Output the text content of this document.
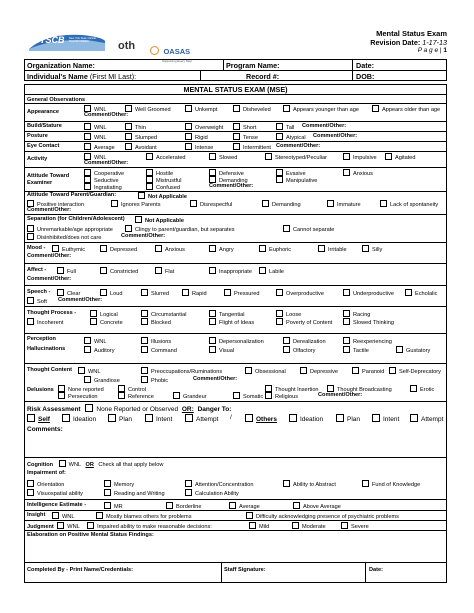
NYSCB New York State Clinical Records Initiative	oth	OASAS
Supporting Every Step
Mental Status Exam
Revision Date: 1-17-13
P a g e | 1
Organization Name:	Program Name:	Date:
Individual's Name (First MI Last):	Record #:	DOB:
MENTAL STATUS EXAM (MSE)
General Observations
Appearance	WNL	Well Groomed	Unkempt	Disheveled	Appears younger than age	Appears older than age
Comment/Other:
Build/Stature	WNL	Thin	Overweight	Short	Tall Comment/Other:
Posture	WNL	Slumped	Rigid	Tense	Atypical Comment/Other:
Eye Contact	Average	Avoidant	Intense	Intermittent Comment/Other:
Activity	WNL	Accelerated	Slowed	Stereotyped/Peculiar	Impulsive	Agitated
Comment/Other:
Attitude Toward
Examiner
Cooperative	Hostile	Defensive	Evasive	Anxious
Seductive	Mistrustful	Demanding	Manipulative
Ingratiating	Confused	Comment/Other:
Attitude Toward Parent/Guardian:	Not Applicable
Positive interaction	Ignores Parents	Disrespectful	Demanding	Immature	Lack of spontaneity
Comment/Other:
Separation (for Children/Adolescent)	Not Applicable
Unremarkable/age appropriate	Clingy to parent/guardian, but separates	Cannot separate
Disinhibited/does not care	Comment/Other:
Mood -	Euthymic	Depressed	Anxious	Angry	Euphoric	Irritable	Silly
Comment/Other:
Affect -	Full	Constricted	Flat	Inappropriate	Labile
Comment/Other:
Speech -	Clear	Loud	Slurred	Rapid	Pressured	Overproductive	Underproductive	Echolalic
Soft Comment/Other:
Thought Process -	Logical	Circumstantial	Tangential	Loose	Racing
Incoherent	Concrete	Blocked	Flight of Ideas	Poverty of Content	Slowed Thinking
Perception
Hallucinations
WNL	Illusions	Depersonalization	Derealization	Reexperiencing
Auditory	Command	Visual	Olfactory	Tactile	Gustatory
Thought Content	WNL	Preoccupations/Ruminations	Obsessional	Depressive	Paranoid	Self-Deprecatory
Grandiose	Phobic	Comment/Other:
Delusions	None reported	Control	Thought Insertion	Thought Broadcasting	Erotic
Persecution	Reference	Grandeur	Somatic	Religious	Comment/Other:
Risk Assessment None Reported or Observed OR: Danger To:
Self	Ideation	Plan	Intent	Attempt /	Others	Ideation	Plan	Intent	Attempt
Comments:
Cognition	WNL OR Check all that apply below
Impairment of:
Orientation	Memory	Attention/Concentration	Ability to Abstract	Fund of Knowledge
Visuospatial ability	Reading and Writing	Calculation Ability
Intelligence Estimate -	MR	Borderline	Average	Above Average
Insight	WNL	Mostly blames others for problems	Difficulty acknowledging presence of psychiatric problems
Judgment WNL	Impaired ability to make reasonable decisions:	Mild	Moderate	Severe
Elaboration on Positive Mental Status Findings:
Completed By - Print Name/Credentials:	Staff Signature:	Date:
